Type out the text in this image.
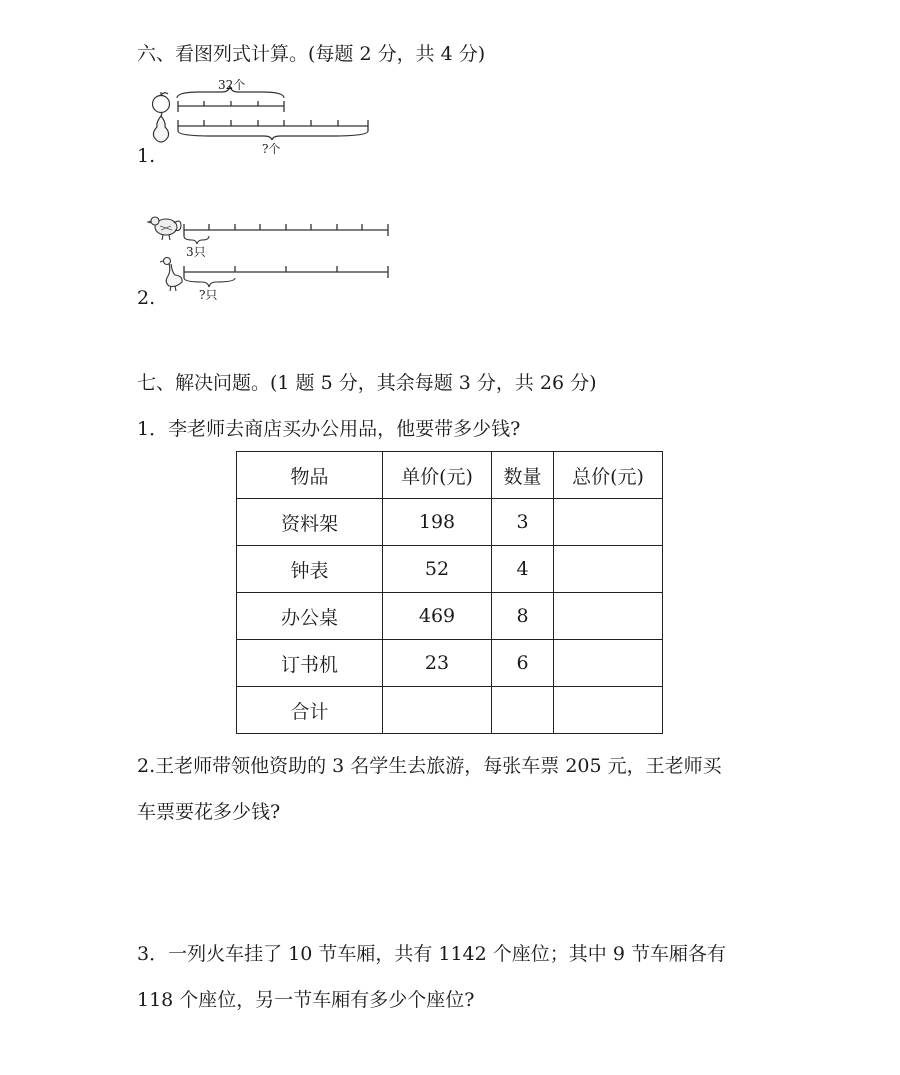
六、看图列式计算。(每题 2 分，共 4 分)
32个
?个
1.
3只
?只
2.
七、解决问题。(1 题 5 分，其余每题 3 分，共 26 分)
1．李老师去商店买办公用品，他要带多少钱?
物品	单价(元)	数量	总价(元)
资料架	198	3	
钟表	52	4	
办公桌	469	8	
订书机	23	6	
合计			
2.王老师带领他资助的 3 名学生去旅游，每张车票 205 元，王老师买
车票要花多少钱?
3．一列火车挂了 10 节车厢，共有 1142 个座位；其中 9 节车厢各有
118 个座位，另一节车厢有多少个座位?
